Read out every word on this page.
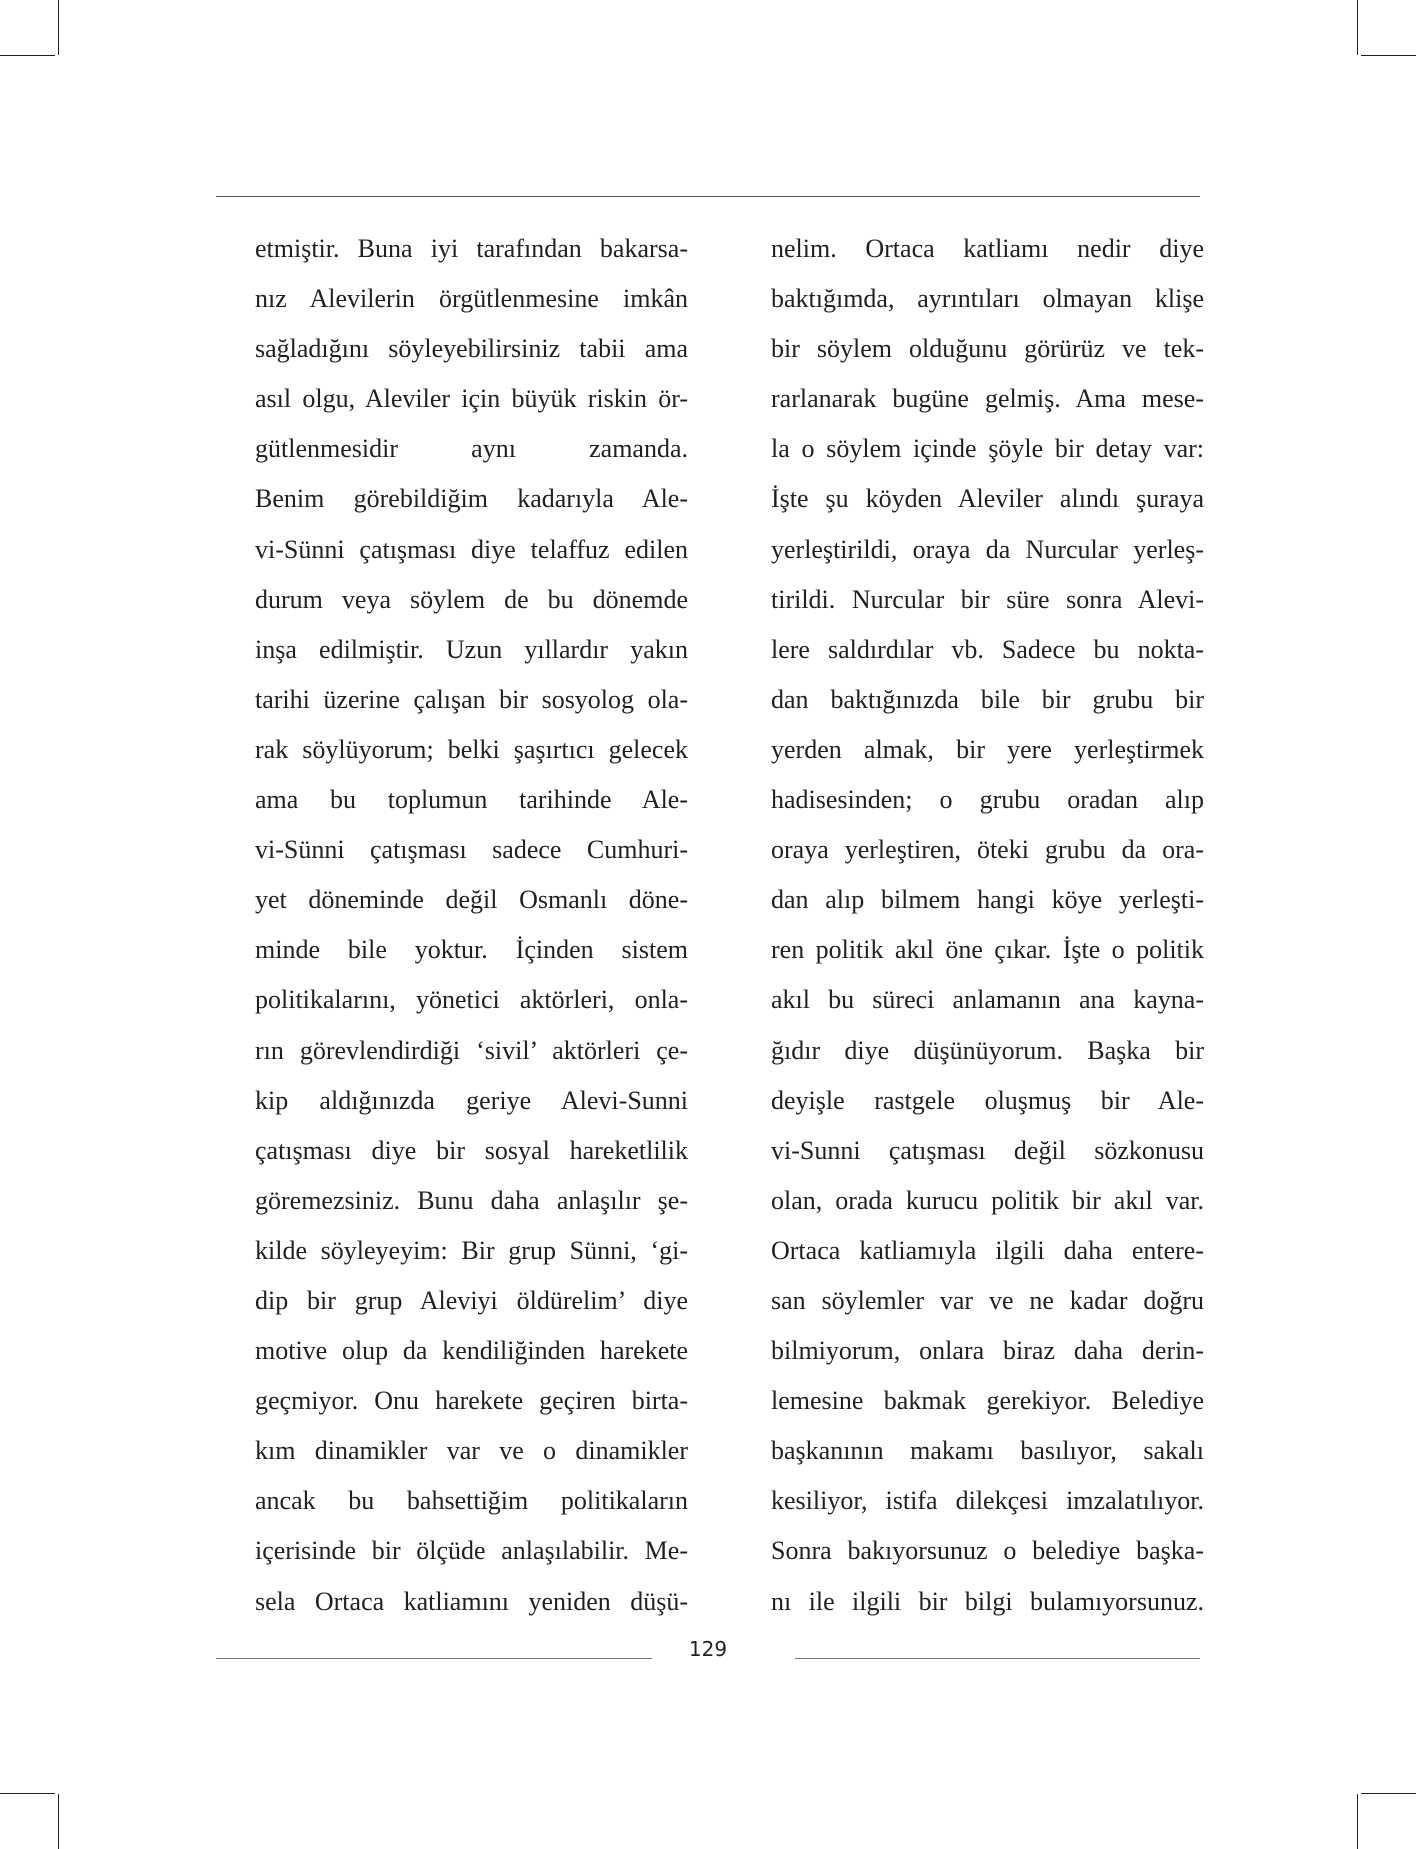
etmiştir. Buna iyi tarafından bakarsa-
nız Alevilerin örgütlenmesine imkân
sağladığını söyleyebilirsiniz tabii ama
asıl olgu, Aleviler için büyük riskin ör-
gütlenmesidir aynı zamanda.
Benim görebildiğim kadarıyla Ale-
vi-Sünni çatışması diye telaffuz edilen
durum veya söylem de bu dönemde
inşa edilmiştir. Uzun yıllardır yakın
tarihi üzerine çalışan bir sosyolog ola-
rak söylüyorum; belki şaşırtıcı gelecek
ama bu toplumun tarihinde Ale-
vi-Sünni çatışması sadece Cumhuri-
yet döneminde değil Osmanlı döne-
minde bile yoktur. İçinden sistem
politikalarını, yönetici aktörleri, onla-
rın görevlendirdiği ‘sivil’ aktörleri çe-
kip aldığınızda geriye Alevi-Sunni
çatışması diye bir sosyal hareketlilik
göremezsiniz. Bunu daha anlaşılır şe-
kilde söyleyeyim: Bir grup Sünni, ‘gi-
dip bir grup Aleviyi öldürelim’ diye
motive olup da kendiliğinden harekete
geçmiyor. Onu harekete geçiren birta-
kım dinamikler var ve o dinamikler
ancak bu bahsettiğim politikaların
içerisinde bir ölçüde anlaşılabilir. Me-
sela Ortaca katliamını yeniden düşü-
nelim. Ortaca katliamı nedir diye
baktığımda, ayrıntıları olmayan klişe
bir söylem olduğunu görürüz ve tek-
rarlanarak bugüne gelmiş. Ama mese-
la o söylem içinde şöyle bir detay var:
İşte şu köyden Aleviler alındı şuraya
yerleştirildi, oraya da Nurcular yerleş-
tirildi. Nurcular bir süre sonra Alevi-
lere saldırdılar vb. Sadece bu nokta-
dan baktığınızda bile bir grubu bir
yerden almak, bir yere yerleştirmek
hadisesinden; o grubu oradan alıp
oraya yerleştiren, öteki grubu da ora-
dan alıp bilmem hangi köye yerleşti-
ren politik akıl öne çıkar. İşte o politik
akıl bu süreci anlamanın ana kayna-
ğıdır diye düşünüyorum. Başka bir
deyişle rastgele oluşmuş bir Ale-
vi-Sunni çatışması değil sözkonusu
olan, orada kurucu politik bir akıl var.
Ortaca katliamıyla ilgili daha entere-
san söylemler var ve ne kadar doğru
bilmiyorum, onlara biraz daha derin-
lemesine bakmak gerekiyor. Belediye
başkanının makamı basılıyor, sakalı
kesiliyor, istifa dilekçesi imzalatılıyor.
Sonra bakıyorsunuz o belediye başka-
nı ile ilgili bir bilgi bulamıyorsunuz.
129
